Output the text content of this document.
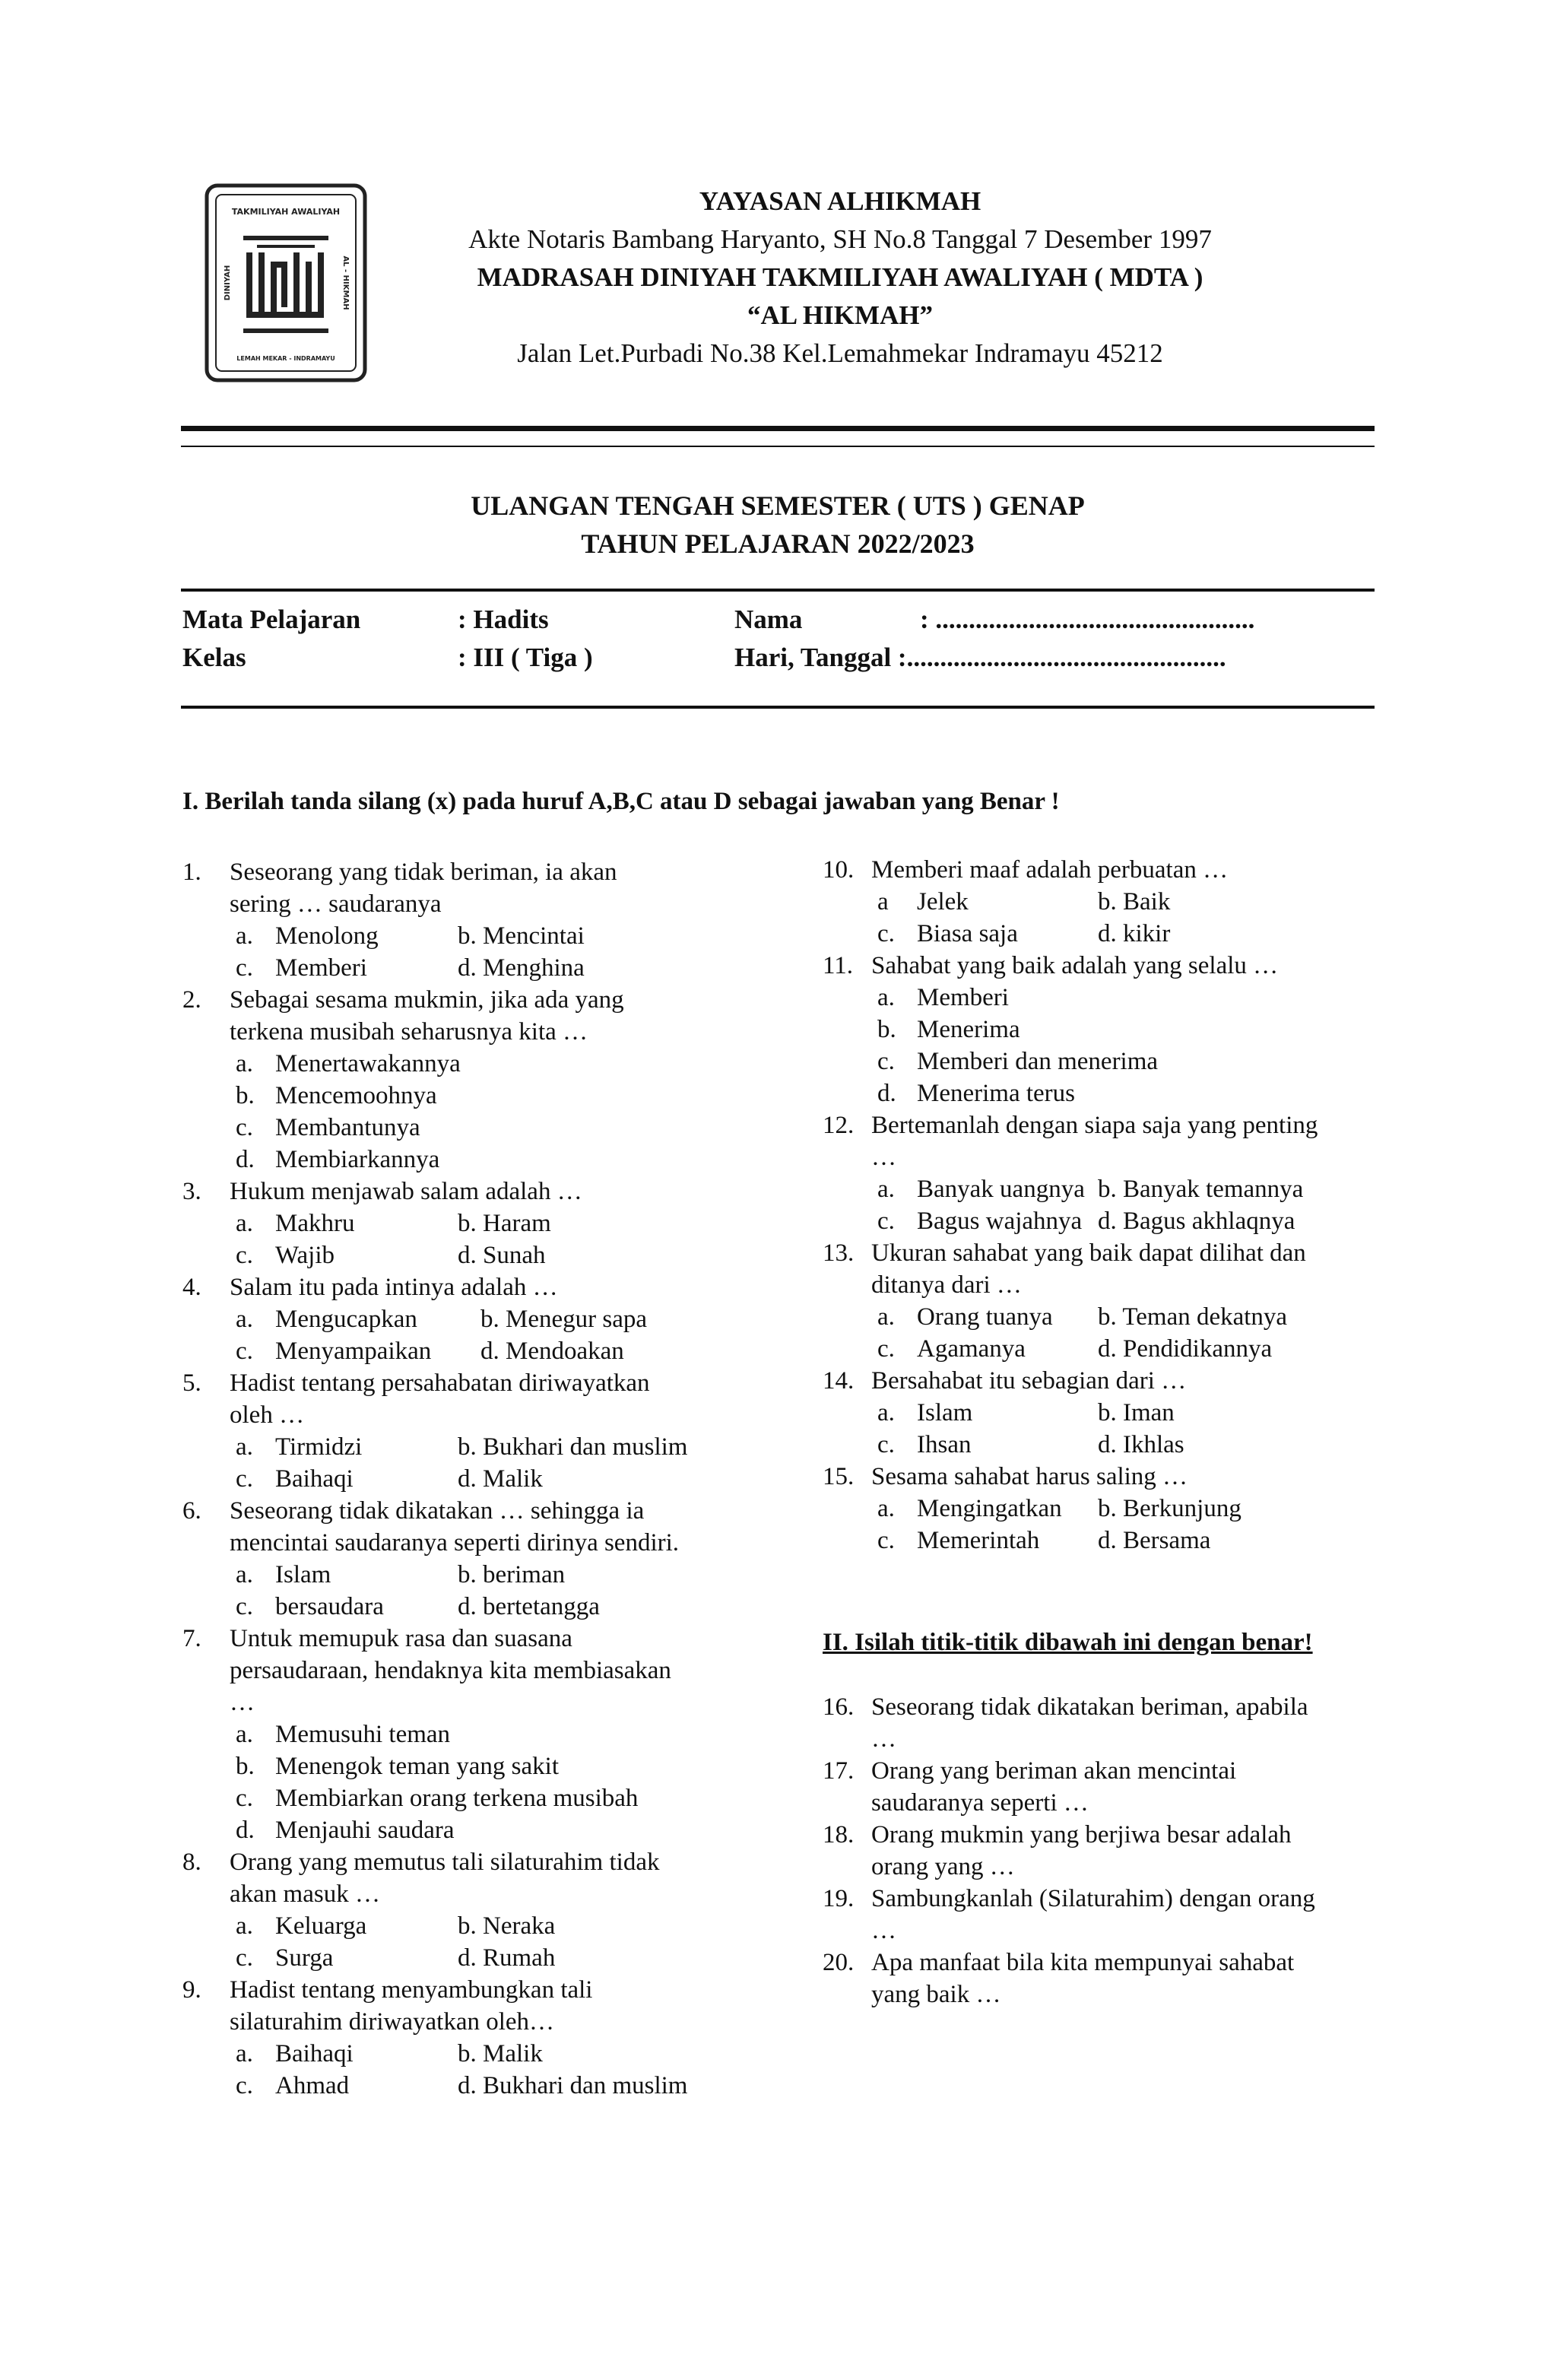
TAKMILIYAH AWALIYAH
LEMAH MEKAR - INDRAMAYU
DINIYAH	AL - HIKMAH
YAYASAN ALHIKMAH
Akte Notaris Bambang Haryanto, SH No.8 Tanggal 7 Desember 1997
MADRASAH DINIYAH TAKMILIYAH AWALIYAH ( MDTA )
“AL HIKMAH”
Jalan Let.Purbadi No.38 Kel.Lemahmekar Indramayu 45212
ULANGAN TENGAH SEMESTER ( UTS ) GENAP
TAHUN PELAJARAN 2022/2023
Mata Pelajaran	: Hadits	Nama	: ................................................
Kelas	: III ( Tiga )	Hari, Tanggal :................................................
I. Berilah tanda silang (x) pada huruf A,B,C atau D sebagai jawaban yang Benar !
1. Seseorang yang tidak beriman, ia akan
sering … saudaranya
a. Menolong	b. Mencintai
c. Memberi	d. Menghina
2. Sebagai sesama mukmin, jika ada yang
terkena musibah seharusnya kita …
a. Menertawakannya
b. Mencemoohnya
c. Membantunya
d. Membiarkannya
3. Hukum menjawab salam adalah …
a. Makhru	b. Haram
c. Wajib	d. Sunah
4. Salam itu pada intinya adalah …
a. Mengucapkan	b. Menegur sapa
c. Menyampaikan d. Mendoakan
5. Hadist tentang persahabatan diriwayatkan
oleh …
a. Tirmidzi	b. Bukhari dan muslim
c. Baihaqi	d. Malik
6. Seseorang tidak dikatakan … sehingga ia
mencintai saudaranya seperti dirinya sendiri.
a. Islam	b. beriman
c. bersaudara	d. bertetangga
7. Untuk memupuk rasa dan suasana
persaudaraan, hendaknya kita membiasakan
…
a. Memusuhi teman
b. Menengok teman yang sakit
c. Membiarkan orang terkena musibah
d. Menjauhi saudara
8. Orang yang memutus tali silaturahim tidak
akan masuk …
a. Keluarga	b. Neraka
c. Surga	d. Rumah
9. Hadist tentang menyambungkan tali
silaturahim diriwayatkan oleh…
a. Baihaqi	b. Malik
c. Ahmad	d. Bukhari dan muslim
10. Memberi maaf adalah perbuatan …
a Jelek	b. Baik
c. Biasa saja	d. kikir
11. Sahabat yang baik adalah yang selalu …
a. Memberi
b. Menerima
c. Memberi dan menerima
d. Menerima terus
12. Bertemanlah dengan siapa saja yang penting
…
a. Banyak uangnya b. Banyak temannya
c. Bagus wajahnya d. Bagus akhlaqnya
13. Ukuran sahabat yang baik dapat dilihat dan
ditanya dari …
a. Orang tuanya b. Teman dekatnya
c. Agamanya	d. Pendidikannya
14. Bersahabat itu sebagian dari …
a. Islam	b. Iman
c. Ihsan	d. Ikhlas
15. Sesama sahabat harus saling …
a. Mengingatkan b. Berkunjung
c. Memerintah d. Bersama
II. Isilah titik-titik dibawah ini dengan benar!
16. Seseorang tidak dikatakan beriman, apabila
…
17. Orang yang beriman akan mencintai
saudaranya seperti …
18. Orang mukmin yang berjiwa besar adalah
orang yang …
19. Sambungkanlah (Silaturahim) dengan orang
…
20. Apa manfaat bila kita mempunyai sahabat
yang baik …
